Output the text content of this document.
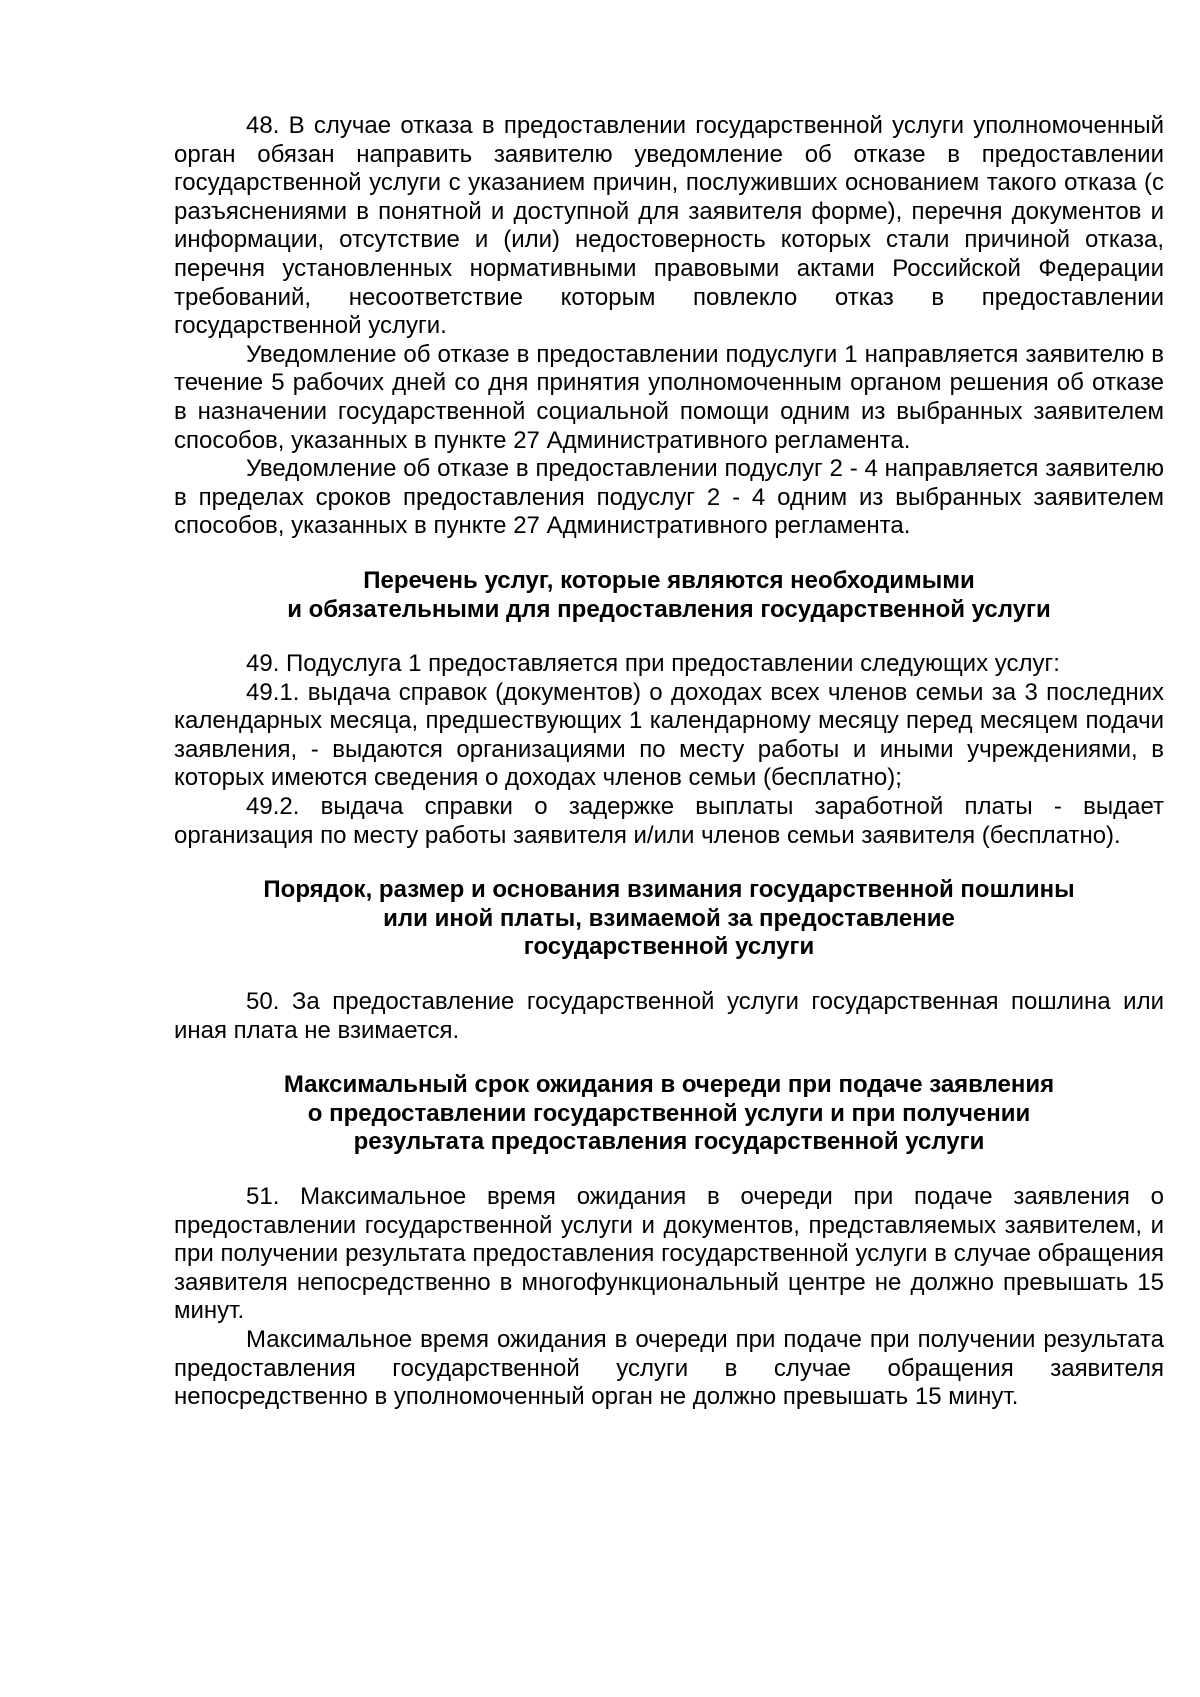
48. В случае отказа в предоставлении государственной услуги уполномоченный орган обязан направить заявителю уведомление об отказе в предоставлении государственной услуги с указанием причин, послуживших основанием такого отказа (с разъяснениями в понятной и доступной для заявителя форме), перечня документов и информации, отсутствие и (или) недостоверность которых стали причиной отказа, перечня установленных нормативными правовыми актами Российской Федерации требований, несоответствие которым повлекло отказ в предоставлении государственной услуги.

Уведомление об отказе в предоставлении подуслуги 1 направляется заявителю в течение 5 рабочих дней со дня принятия уполномоченным органом решения об отказе в назначении государственной социальной помощи одним из выбранных заявителем способов, указанных в пункте 27 Административного регламента.

Уведомление об отказе в предоставлении подуслуг 2 - 4 направляется заявителю в пределах сроков предоставления подуслуг 2 - 4 одним из выбранных заявителем способов, указанных в пункте 27 Административного регламента.

Перечень услуг, которые являются необходимыми
и обязательными для предоставления государственной услуги

49. Подуслуга 1 предоставляется при предоставлении следующих услуг:

49.1. выдача справок (документов) о доходах всех членов семьи за 3 последних календарных месяца, предшествующих 1 календарному месяцу перед месяцем подачи заявления, - выдаются организациями по месту работы и иными учреждениями, в которых имеются сведения о доходах членов семьи (бесплатно);

49.2. выдача справки о задержке выплаты заработной платы - выдает организация по месту работы заявителя и/или членов семьи заявителя (бесплатно).

Порядок, размер и основания взимания государственной пошлины
или иной платы, взимаемой за предоставление
государственной услуги

50. За предоставление государственной услуги государственная пошлина или иная плата не взимается.

Максимальный срок ожидания в очереди при подаче заявления
о предоставлении государственной услуги и при получении
результата предоставления государственной услуги

51. Максимальное время ожидания в очереди при подаче заявления о предоставлении государственной услуги и документов, представляемых заявителем, и при получении результата предоставления государственной услуги в случае обращения заявителя непосредственно в многофункциональный центре не должно превышать 15 минут.

Максимальное время ожидания в очереди при подаче при получении результата предоставления государственной услуги в случае обращения заявителя непосредственно в уполномоченный орган не должно превышать 15 минут.
